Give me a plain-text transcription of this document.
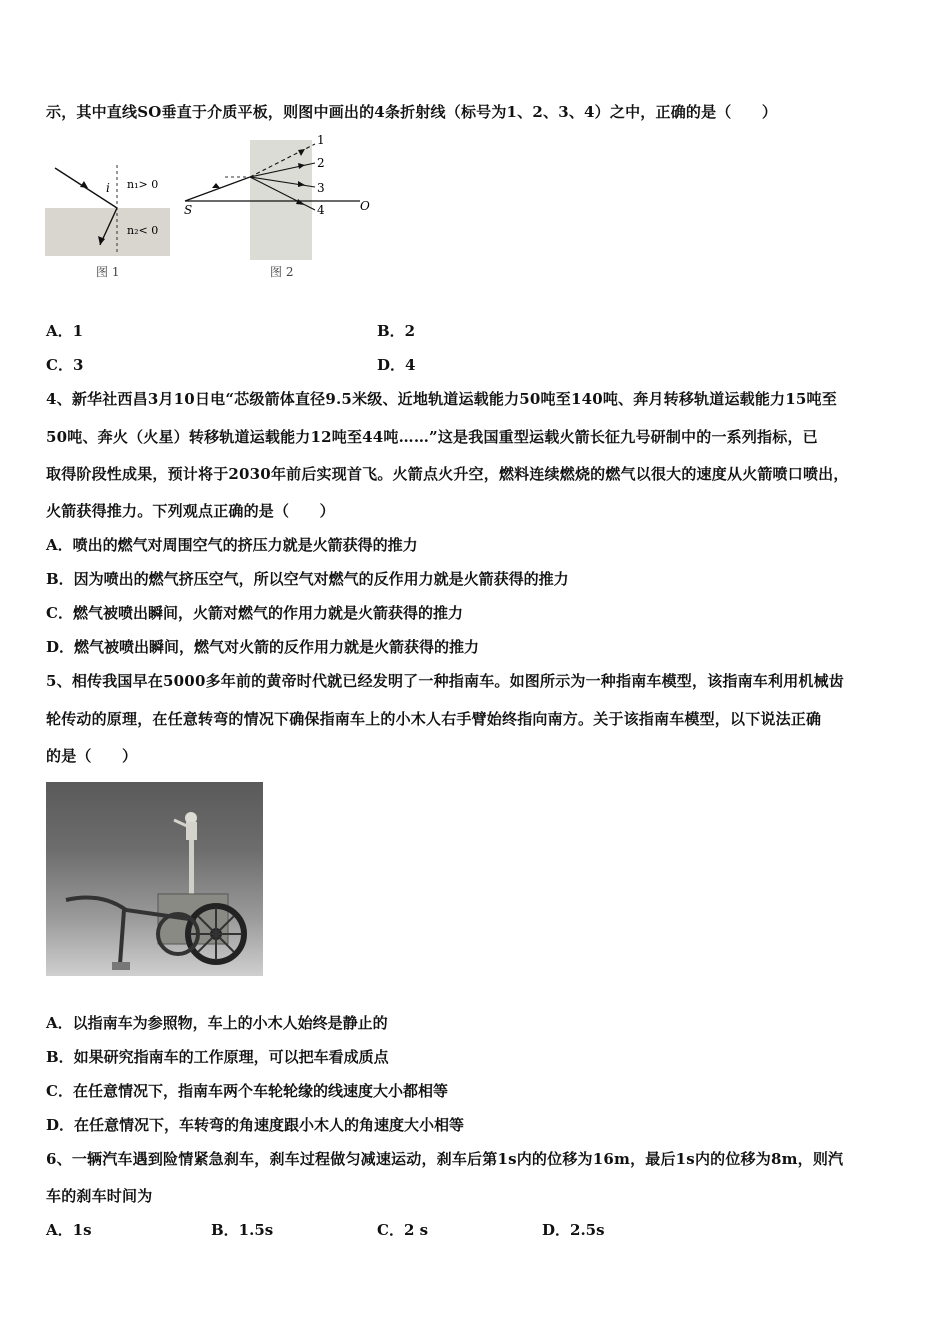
示，其中直线SO垂直于介质平板，则图中画出的4条折射线（标号为1、2、3、4）之中，正确的是（　　）
i n₁> 0
n₂< 0
图 1
1
2
3
4
S	O
图 2
A．1	B．2
C．3	D．4
4、新华社西昌3月10日电“芯级箭体直径9.5米级、近地轨道运载能力50吨至140吨、奔月转移轨道运载能力15吨至
50吨、奔火（火星）转移轨道运载能力12吨至44吨……”这是我国重型运载火箭长征九号研制中的一系列指标，已
取得阶段性成果，预计将于2030年前后实现首飞。火箭点火升空，燃料连续燃烧的燃气以很大的速度从火箭喷口喷出，
火箭获得推力。下列观点正确的是（　　）
A．喷出的燃气对周围空气的挤压力就是火箭获得的推力
B．因为喷出的燃气挤压空气，所以空气对燃气的反作用力就是火箭获得的推力
C．燃气被喷出瞬间，火箭对燃气的作用力就是火箭获得的推力
D．燃气被喷出瞬间，燃气对火箭的反作用力就是火箭获得的推力
5、相传我国早在5000多年前的黄帝时代就已经发明了一种指南车。如图所示为一种指南车模型，该指南车利用机械齿
轮传动的原理，在任意转弯的情况下确保指南车上的小木人右手臂始终指向南方。关于该指南车模型，以下说法正确
的是（　　）
A．以指南车为参照物，车上的小木人始终是静止的
B．如果研究指南车的工作原理，可以把车看成质点
C．在任意情况下，指南车两个车轮轮缘的线速度大小都相等
D．在任意情况下，车转弯的角速度跟小木人的角速度大小相等
6、一辆汽车遇到险情紧急刹车，刹车过程做匀减速运动，刹车后第1s内的位移为16m，最后1s内的位移为8m，则汽
车的刹车时间为
A．1s	B．1.5s	C．2 s	D．2.5s
